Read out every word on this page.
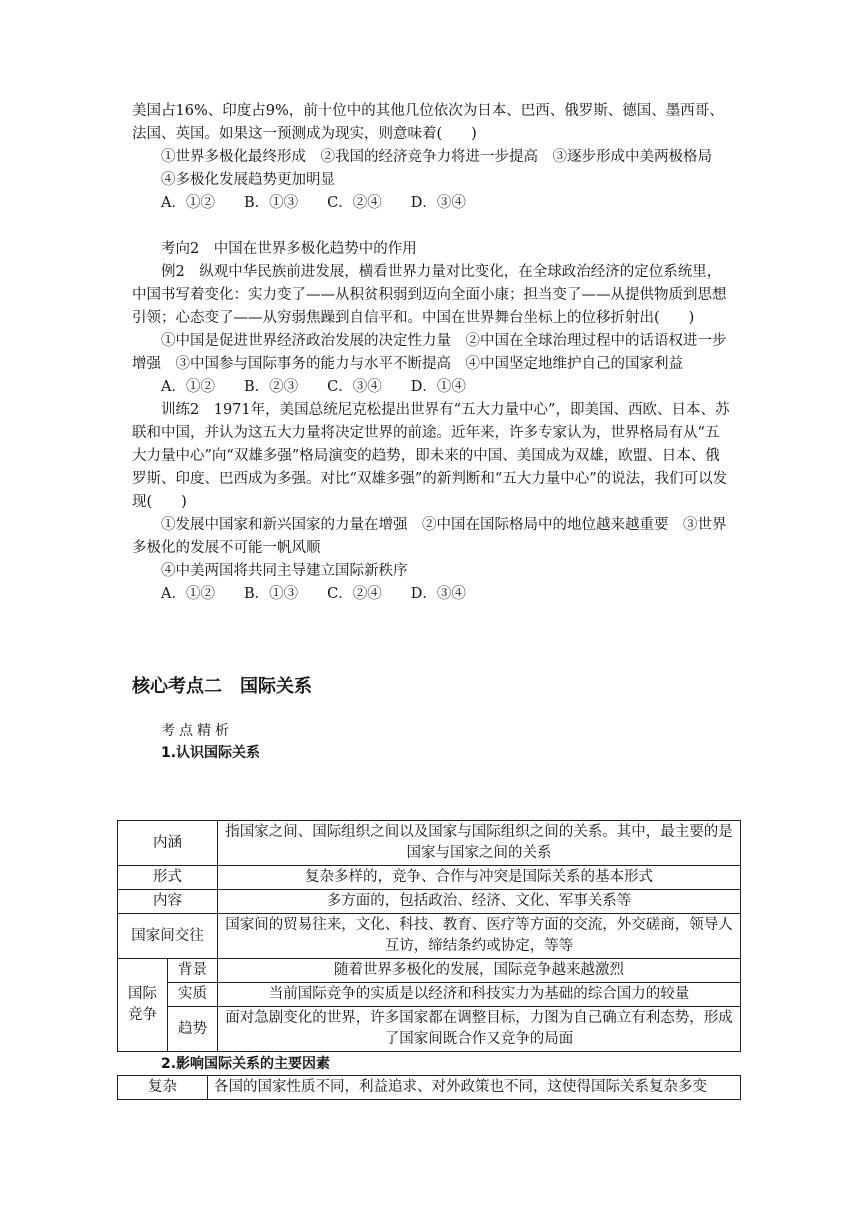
美国占16%、印度占9%，前十位中的其他几位依次为日本、巴西、俄罗斯、德国、墨西哥、法国、英国。如果这一预测成为现实，则意味着(　　)

①世界多极化最终形成　②我国的经济竞争力将进一步提高　③逐步形成中美两极格局

④多极化发展趋势更加明显

A．①②　　B．①③　　C．②④　　D．③④

考向2　中国在世界多极化趋势中的作用

例2　纵观中华民族前进发展，横看世界力量对比变化，在全球政治经济的定位系统里，中国书写着变化：实力变了——从积贫积弱到迈向全面小康；担当变了——从提供物质到思想引领；心态变了——从穷弱焦躁到自信平和。中国在世界舞台坐标上的位移折射出(　　)

①中国是促进世界经济政治发展的决定性力量　②中国在全球治理过程中的话语权进一步增强　③中国参与国际事务的能力与水平不断提高　④中国坚定地维护自己的国家利益

A．①②　　B．②③　　C．③④　　D．①④

训练2　1971年，美国总统尼克松提出世界有“五大力量中心”，即美国、西欧、日本、苏联和中国，并认为这五大力量将决定世界的前途。近年来，许多专家认为，世界格局有从“五大力量中心”向“双雄多强”格局演变的趋势，即未来的中国、美国成为双雄，欧盟、日本、俄罗斯、印度、巴西成为多强。对比“双雄多强”的新判断和“五大力量中心”的说法，我们可以发现(　　)

①发展中国家和新兴国家的力量在增强　②中国在国际格局中的地位越来越重要　③世界多极化的发展不可能一帆风顺

④中美两国将共同主导建立国际新秩序

A．①②　　B．①③　　C．②④　　D．③④

核心考点二　国际关系

考点精析

1.认识国际关系

内涵		指国家之间、国际组织之间以及国家与国际组织之间的关系。其中，最主要的是国家与国家之间的关系
形式		复杂多样的，竞争、合作与冲突是国际关系的基本形式
内容		多方面的，包括政治、经济、文化、军事关系等
国家间交往		国家间的贸易往来，文化、科技、教育、医疗等方面的交流，外交磋商，领导人互访，缔结条约或协定，等等
国际竞争	背景	随着世界多极化的发展，国际竞争越来越激烈
	实质	当前国际竞争的实质是以经济和科技实力为基础的综合国力的较量
	趋势	面对急剧变化的世界，许多国家都在调整目标，力图为自己确立有利态势，形成了国家间既合作又竞争的局面

2.影响国际关系的主要因素

复杂	各国的国家性质不同，利益追求、对外政策也不同，这使得国际关系复杂多变
